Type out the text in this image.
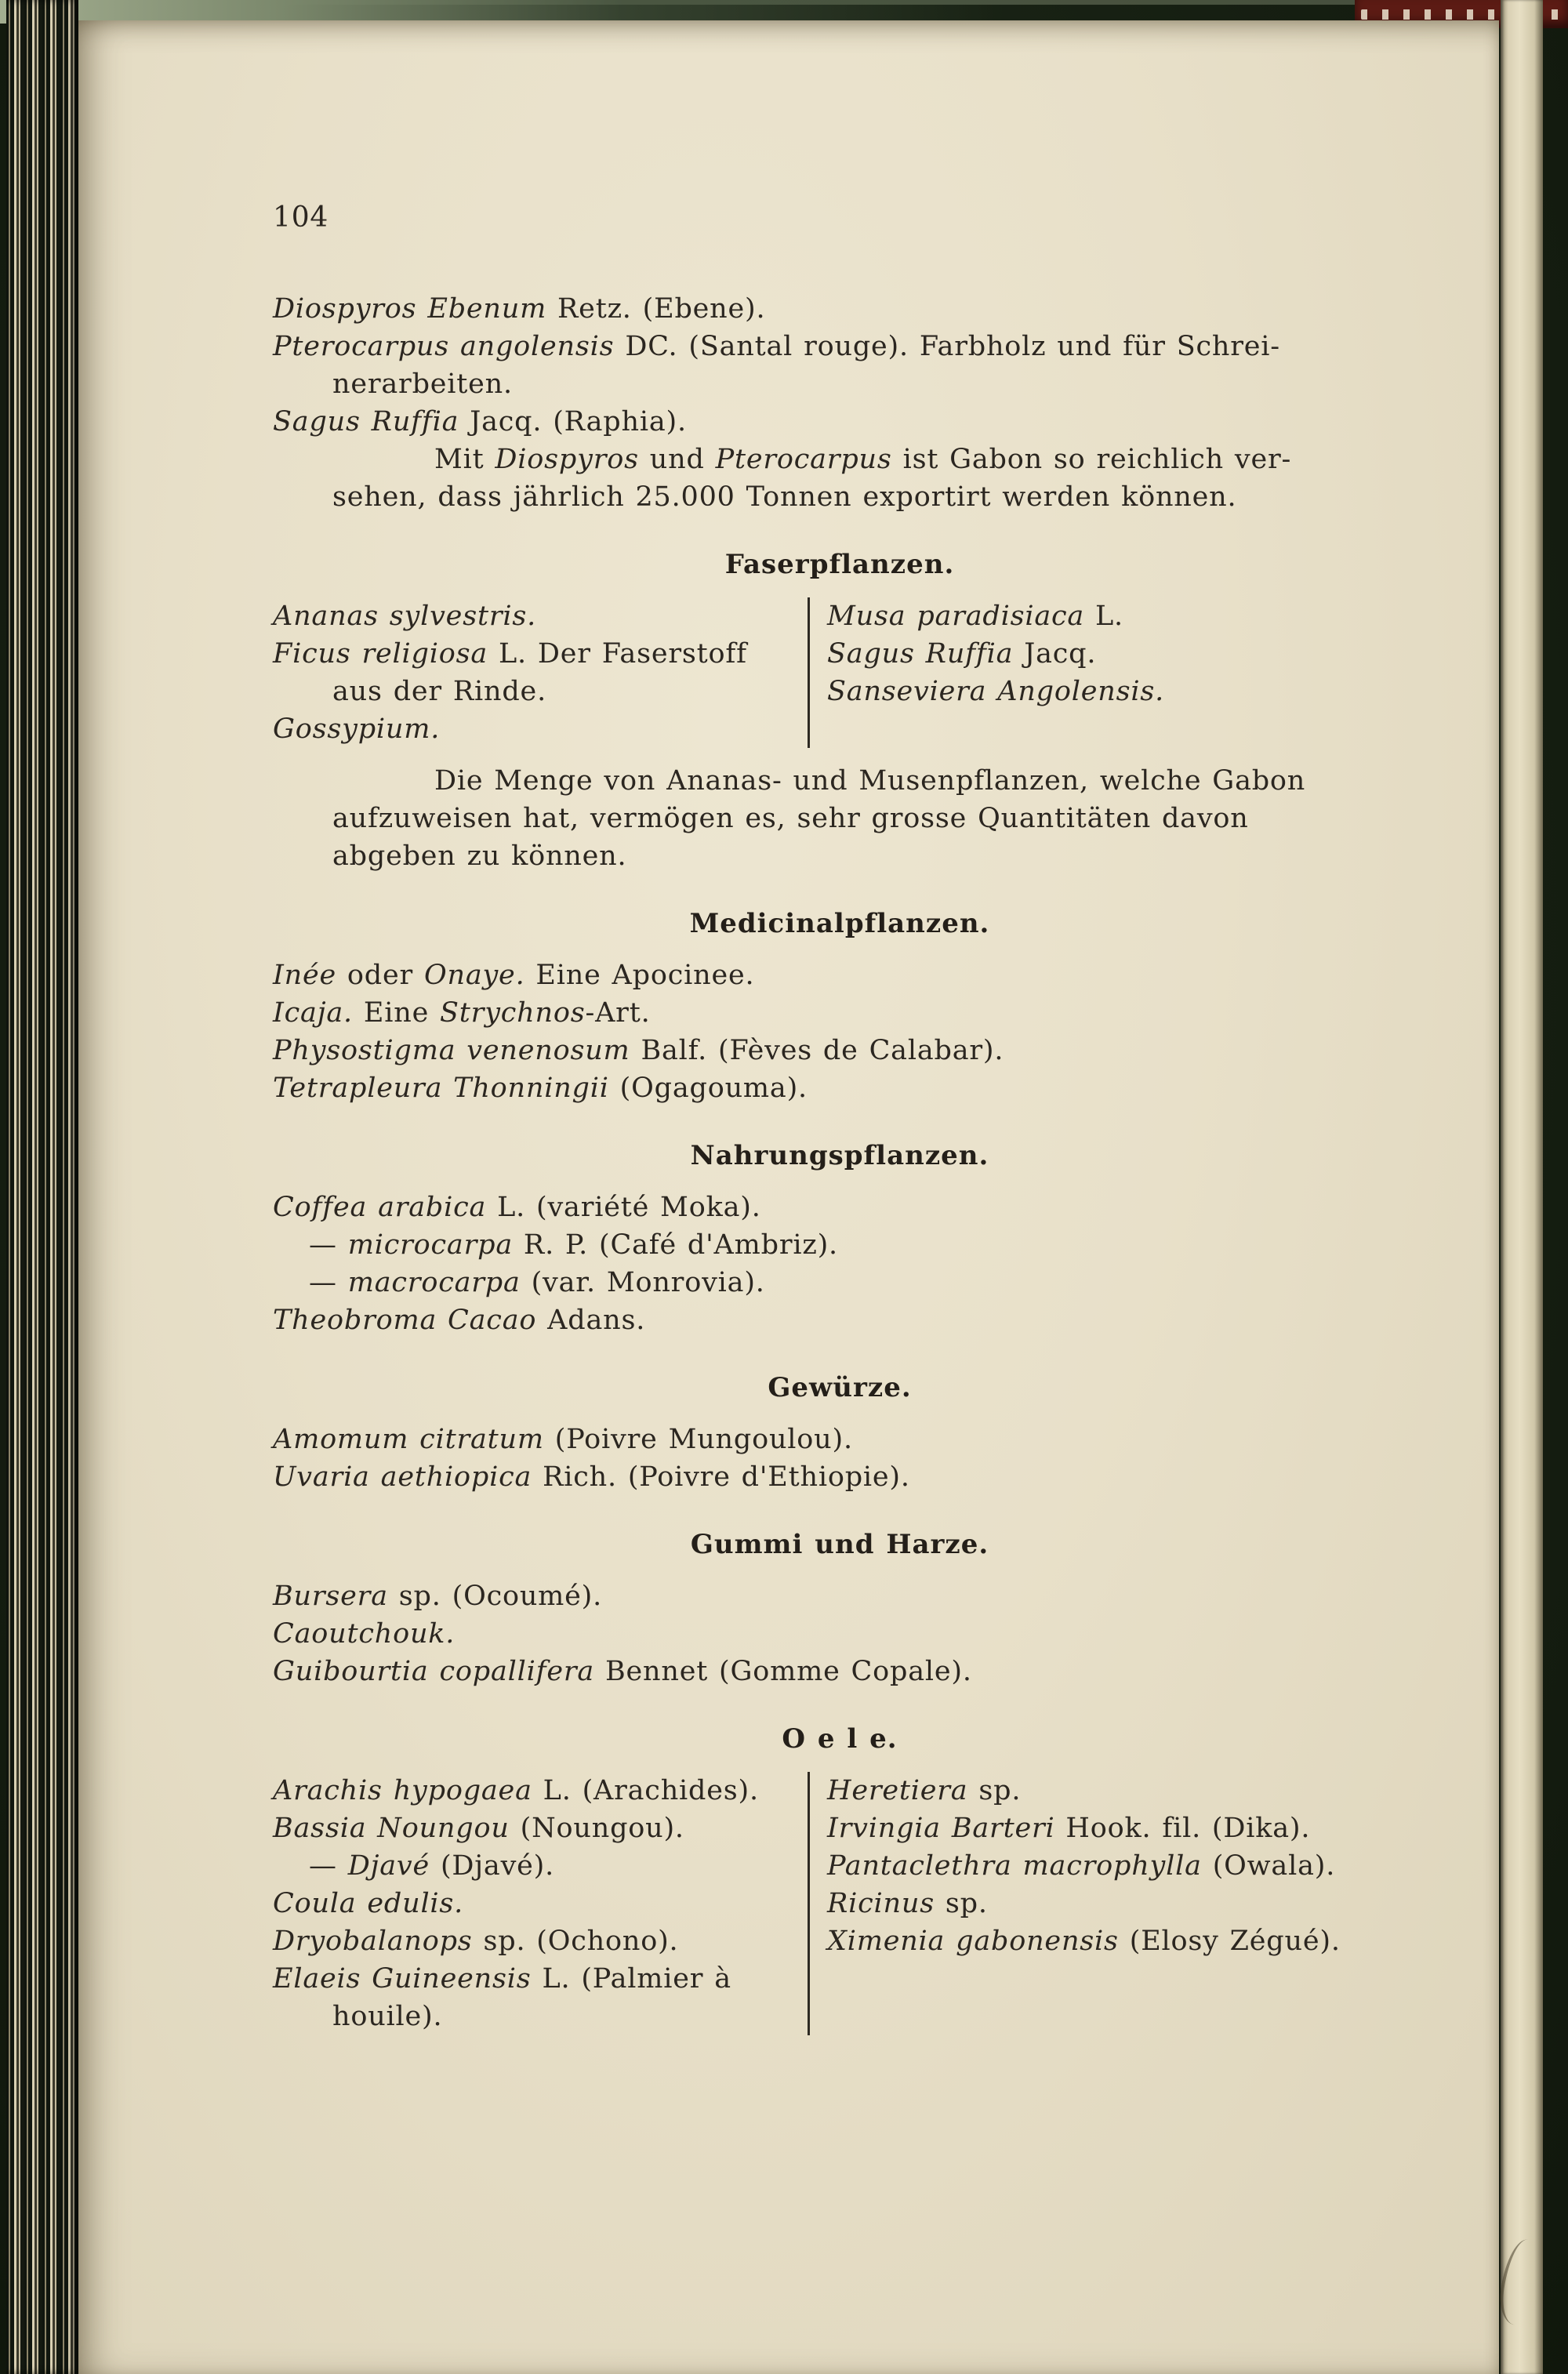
104
Diospyros Ebenum Retz. (Ebene).
Pterocarpus angolensis DC. (Santal rouge). Farbholz und für Schrei-
nerarbeiten.
Sagus Ruffia Jacq. (Raphia).
Mit Diospyros und Pterocarpus ist Gabon so reichlich ver-
sehen, dass jährlich 25.000 Tonnen exportirt werden können.
Faserpflanzen.
Ananas sylvestris.
Ficus religiosa L. Der Faserstoff
aus der Rinde.
Gossypium.
Musa paradisiaca L.
Sagus Ruffia Jacq.
Sanseviera Angolensis.
Die Menge von Ananas- und Musenpflanzen, welche Gabon
aufzuweisen hat, vermögen es, sehr grosse Quantitäten davon
abgeben zu können.
Medicinalpflanzen.
Inée oder Onaye. Eine Apocinee.
Icaja. Eine Strychnos-Art.
Physostigma venenosum Balf. (Fèves de Calabar).
Tetrapleura Thonningii (Ogagouma).
Nahrungspflanzen.
Coffea arabica L. (variété Moka).
— microcarpa R. P. (Café d'Ambriz).
— macrocarpa (var. Monrovia).
Theobroma Cacao Adans.
Gewürze.
Amomum citratum (Poivre Mungoulou).
Uvaria aethiopica Rich. (Poivre d'Ethiopie).
Gummi und Harze.
Bursera sp. (Ocoumé).
Caoutchouk.
Guibourtia copallifera Bennet (Gomme Copale).
O e l e.
Arachis hypogaea L. (Arachides).
Bassia Noungou (Noungou).
— Djavé (Djavé).
Coula edulis.
Dryobalanops sp. (Ochono).
Elaeis Guineensis L. (Palmier à
houile).
Heretiera sp.
Irvingia Barteri Hook. fil. (Dika).
Pantaclethra macrophylla (Owala).
Ricinus sp.
Ximenia gabonensis (Elosy Zégué).
